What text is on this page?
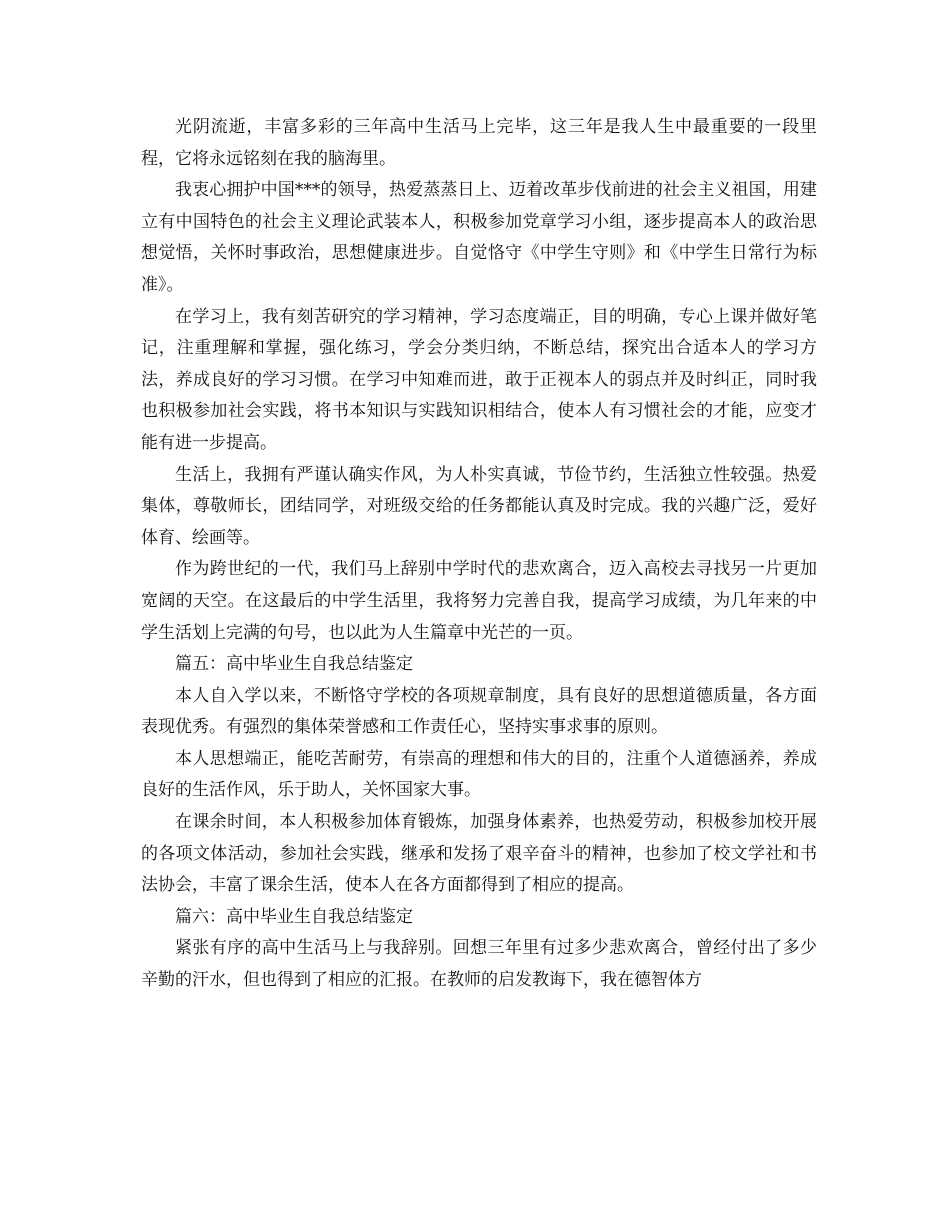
光阴流逝，丰富多彩的三年高中生活马上完毕，这三年是我人生中最重要的一段里程，它将永远铭刻在我的脑海里。

我衷心拥护中国***的领导，热爱蒸蒸日上、迈着改革步伐前进的社会主义祖国，用建立有中国特色的社会主义理论武装本人，积极参加党章学习小组，逐步提高本人的政治思想觉悟，关怀时事政治，思想健康进步。自觉恪守《中学生守则》和《中学生日常行为标准》。

在学习上，我有刻苦研究的学习精神，学习态度端正，目的明确，专心上课并做好笔记，注重理解和掌握，强化练习，学会分类归纳，不断总结，探究出合适本人的学习方法，养成良好的学习习惯。在学习中知难而进，敢于正视本人的弱点并及时纠正，同时我也积极参加社会实践，将书本知识与实践知识相结合，使本人有习惯社会的才能，应变才能有进一步提高。

生活上，我拥有严谨认确实作风，为人朴实真诚，节俭节约，生活独立性较强。热爱集体，尊敬师长，团结同学，对班级交给的任务都能认真及时完成。我的兴趣广泛，爱好体育、绘画等。

作为跨世纪的一代，我们马上辞别中学时代的悲欢离合，迈入高校去寻找另一片更加宽阔的天空。在这最后的中学生活里，我将努力完善自我，提高学习成绩，为几年来的中学生活划上完满的句号，也以此为人生篇章中光芒的一页。

篇五：高中毕业生自我总结鉴定

本人自入学以来，不断恪守学校的各项规章制度，具有良好的思想道德质量，各方面表现优秀。有强烈的集体荣誉感和工作责任心，坚持实事求事的原则。

本人思想端正，能吃苦耐劳，有崇高的理想和伟大的目的，注重个人道德涵养，养成良好的生活作风，乐于助人，关怀国家大事。

在课余时间，本人积极参加体育锻炼，加强身体素养，也热爱劳动，积极参加校开展的各项文体活动，参加社会实践，继承和发扬了艰辛奋斗的精神，也参加了校文学社和书法协会，丰富了课余生活，使本人在各方面都得到了相应的提高。

篇六：高中毕业生自我总结鉴定

紧张有序的高中生活马上与我辞别。回想三年里有过多少悲欢离合，曾经付出了多少辛勤的汗水，但也得到了相应的汇报。在教师的启发教诲下，我在德智体方
